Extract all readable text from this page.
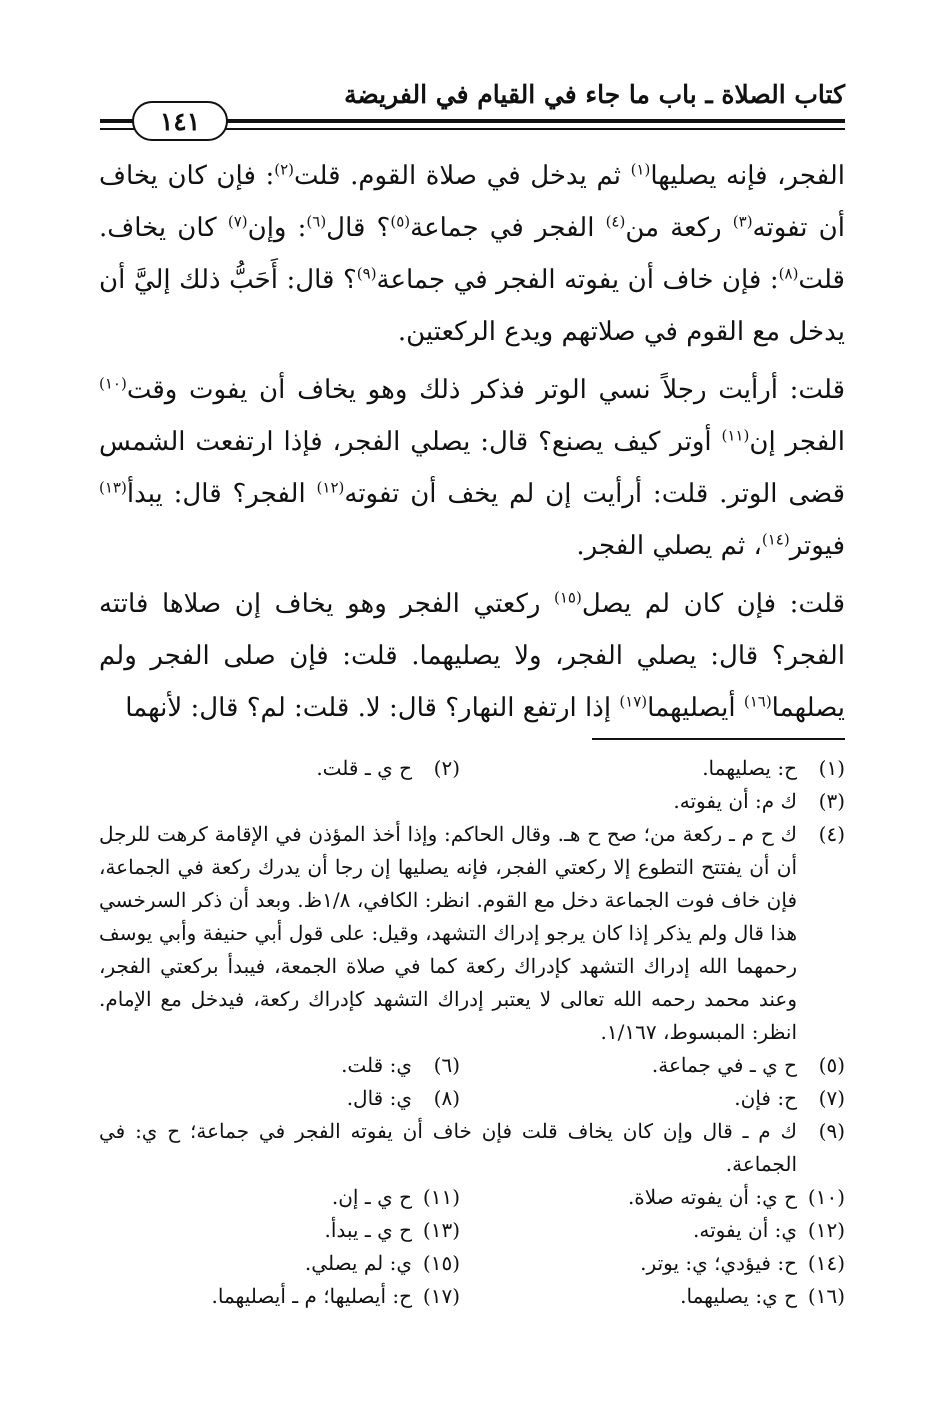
كتاب الصلاة ـ باب ما جاء في القيام في الفريضة
١٤١

الفجر، فإنه يصليها$^{(١)}$ ثم يدخل في صلاة القوم. قلت$^{(٢)}$: فإن كان يخاف أن تفوته$^{(٣)}$ ركعة من$^{(٤)}$ الفجر في جماعة$^{(٥)}$؟ قال$^{(٦)}$: وإن$^{(٧)}$ كان يخاف. قلت$^{(٨)}$: فإن خاف أن يفوته الفجر في جماعة$^{(٩)}$؟ قال: أَحَبُّ ذلك إليَّ أن يدخل مع القوم في صلاتهم ويدع الركعتين.

قلت: أرأيت رجلاً نسي الوتر فذكر ذلك وهو يخاف أن يفوت وقت$^{(١٠)}$ الفجر إن$^{(١١)}$ أوتر كيف يصنع؟ قال: يصلي الفجر، فإذا ارتفعت الشمس قضى الوتر. قلت: أرأيت إن لم يخف أن تفوته$^{(١٢)}$ الفجر؟ قال: يبدأ$^{(١٣)}$ فيوتر$^{(١٤)}$، ثم يصلي الفجر.

قلت: فإن كان لم يصل$^{(١٥)}$ ركعتي الفجر وهو يخاف إن صلاها فاتته الفجر؟ قال: يصلي الفجر، ولا يصليهما. قلت: فإن صلى الفجر ولم يصلهما$^{(١٦)}$ أيصليهما$^{(١٧)}$ إذا ارتفع النهار؟ قال: لا. قلت: لم؟ قال: لأنهما

(١)ح: يصليهما.
(٢)ح ي ـ قلت.
(٣)
ك م: أن يفوته.
(٤)
ك ح م ـ ركعة من؛ صح ح هـ. وقال الحاكم: وإذا أخذ المؤذن في الإقامة كرهت للرجل أن أن يفتتح التطوع إلا ركعتي الفجر، فإنه يصليها إن رجا أن يدرك ركعة في الجماعة، فإن خاف فوت الجماعة دخل مع القوم. انظر: الكافي، ١/٨ظ. وبعد أن ذكر السرخسي هذا قال ولم يذكر إذا كان يرجو إدراك التشهد، وقيل: على قول أبي حنيفة وأبي يوسف رحمهما الله إدراك التشهد كإدراك ركعة كما في صلاة الجمعة، فيبدأ بركعتي الفجر، وعند محمد رحمه الله تعالى لا يعتبر إدراك التشهد كإدراك ركعة، فيدخل مع الإمام. انظر: المبسوط، ١/١٦٧.
(٥)ح ي ـ في جماعة.
(٦)ي: قلت.
(٧)ح: فإن.
(٨)ي: قال.
(٩)
ك م ـ قال وإن كان يخاف قلت فإن خاف أن يفوته الفجر في جماعة؛ ح ي: في الجماعة.
(١٠)ح ي: أن يفوته صلاة.
(١١)ح ي ـ إن.
(١٢)ي: أن يفوته.
(١٣)ح ي ـ يبدأ.
(١٤)ح: فيؤدي؛ ي: يوتر.
(١٥)ي: لم يصلي.
(١٦)ح ي: يصليهما.
(١٧)ح: أيصليها؛ م ـ أيصليهما.
